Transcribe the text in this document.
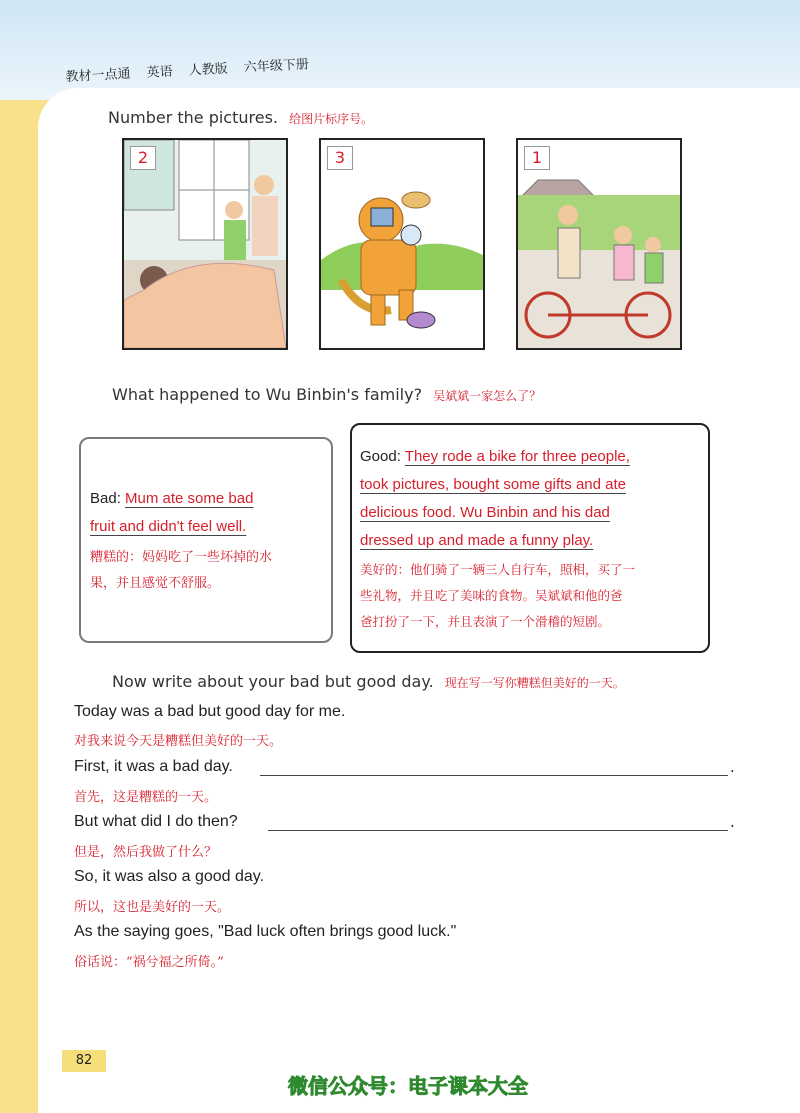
教材一点通 英语 人教版 六年级下册
Number the pictures. 给图片标序号。
2	3	1
What happened to Wu Binbin's family? 吴斌斌一家怎么了？
Bad: Mum ate some bad
fruit and didn't feel well.
糟糕的：妈妈吃了一些坏掉的水
果，并且感觉不舒服。
Good: They rode a bike for three people,
took pictures, bought some gifts and ate
delicious food. Wu Binbin and his dad
dressed up and made a funny play.
美好的：他们骑了一辆三人自行车，照相，买了一
些礼物，并且吃了美味的食物。吴斌斌和他的爸
爸打扮了一下，并且表演了一个滑稽的短剧。
Now write about your bad but good day. 现在写一写你糟糕但美好的一天。
Today was a bad but good day for me.
对我来说今天是糟糕但美好的一天。
First, it was a bad day.	.
首先，这是糟糕的一天。
But what did I do then?	.
但是，然后我做了什么？
So, it was also a good day.
所以，这也是美好的一天。
As the saying goes, "Bad luck often brings good luck."
俗话说：“祸兮福之所倚。”
82
微信公众号：电子课本大全
